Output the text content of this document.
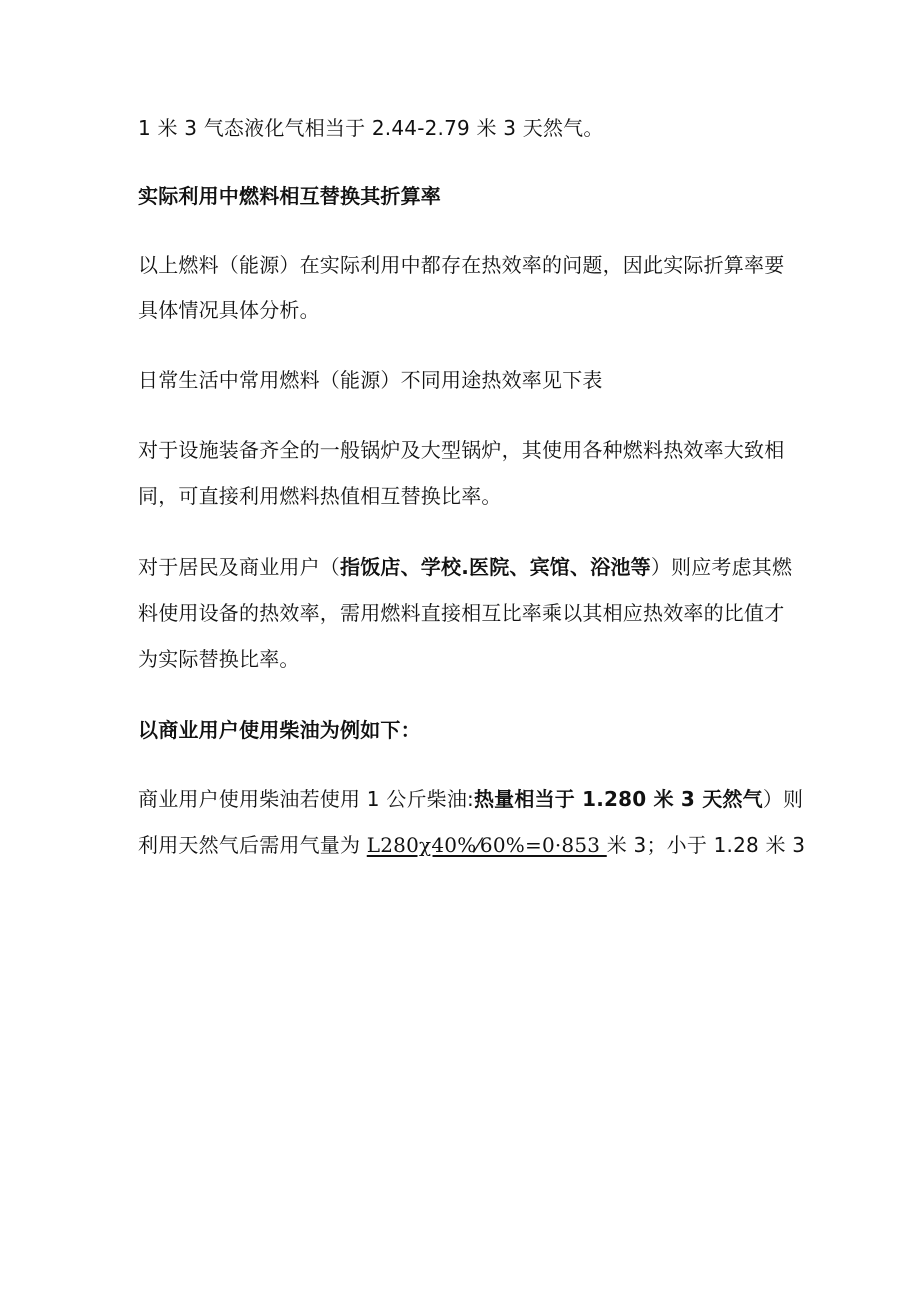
1 米 3 气态液化气相当于 2.44-2.79 米 3 天然气。
实际利用中燃料相互替换其折算率
以上燃料（能源）在实际利用中都存在热效率的问题，因此实际折算率要
具体情况具体分析。
日常生活中常用燃料（能源）不同用途热效率见下表
对于设施装备齐全的一般锅炉及大型锅炉，其使用各种燃料热效率大致相
同，可直接利用燃料热值相互替换比率。
对于居民及商业用户（指饭店、学校.医院、宾馆、浴池等）则应考虑其燃
料使用设备的热效率，需用燃料直接相互比率乘以其相应热效率的比值才
为实际替换比率。
以商业用户使用柴油为例如下：
商业用户使用柴油若使用 1 公斤柴油:热量相当于 1.280 米 3 天然气）则
利用天然气后需用气量为 L280χ40%⁄60%=0·853 米 3；小于 1.28 米 3
